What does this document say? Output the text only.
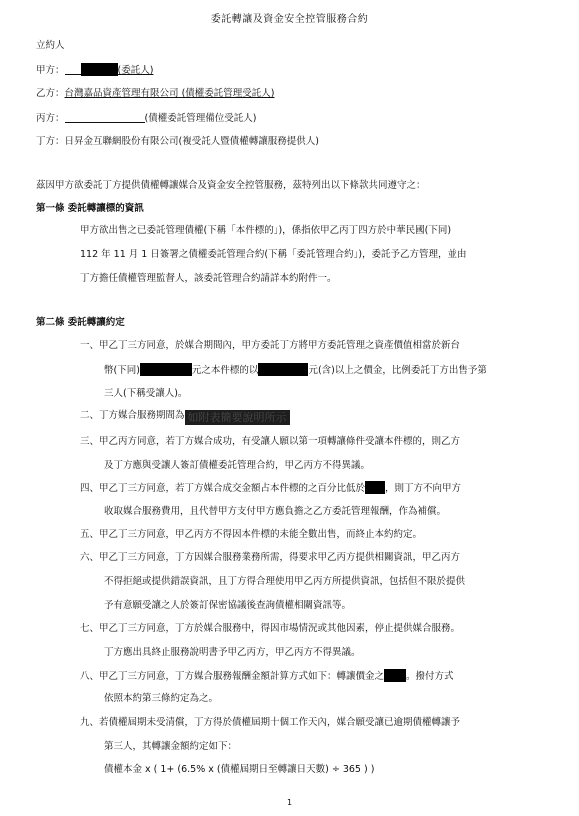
委託轉讓及資金安全控管服務合約
立約人
甲方：	(委託人)
乙方：台灣嘉品資產管理有限公司 (債權委託管理受託人)
丙方：	(債權委託管理備位受託人)
丁方：日昇金互聯網股份有限公司(複受託人暨債權轉讓服務提供人)
茲因甲方欲委託丁方提供債權轉讓媒合及資金安全控管服務，茲特列出以下條款共同遵守之：
第一條 委託轉讓標的資訊
甲方欲出售之已委託管理債權(下稱「本件標的」)，係指依甲乙丙丁四方於中華民國(下同)
112 年 11 月 1 日簽署之債權委託管理合約(下稱「委託管理合約」)，委託予乙方管理，並由
丁方擔任債權管理監督人，該委託管理合約請詳本約附件一。
第二條 委託轉讓約定
一、甲乙丁三方同意，於媒合期間內，甲方委託丁方將甲方委託管理之資產價值相當於新台
幣(下同)	元之本件標的以	元(含)以上之價金，比例委託丁方出售予第
三人(下稱受讓人)。
二、丁方媒合服務期間為 如附表簡要說明所示
三、甲乙丙方同意，若丁方媒合成功，有受讓人願以第一項轉讓條件受讓本件標的，則乙方
及丁方應與受讓人簽訂債權委託管理合約，甲乙丙方不得異議。
四、甲乙丁三方同意，若丁方媒合成交金額占本件標的之百分比低於 ，則丁方不向甲方
收取媒合服務費用，且代替甲方支付甲方應負擔之乙方委託管理報酬，作為補償。
五、甲乙丁三方同意，甲乙丙方不得因本件標的未能全數出售，而終止本約約定。
六、甲乙丁三方同意，丁方因媒合服務業務所需，得要求甲乙丙方提供相關資訊，甲乙丙方
不得拒絕或提供錯誤資訊，且丁方得合理使用甲乙丙方所提供資訊，包括但不限於提供
予有意願受讓之人於簽訂保密協議後查詢債權相關資訊等。
七、甲乙丁三方同意，丁方於媒合服務中，得因市場情況或其他因素，停止提供媒合服務。
丁方應出具終止服務說明書予甲乙丙方，甲乙丙方不得異議。
八、甲乙丁三方同意，丁方媒合服務報酬金額計算方式如下：轉讓價金之 。撥付方式
依照本約第三條約定為之。
九、若債權屆期未受清償，丁方得於債權屆期十個工作天內，媒合願受讓已逾期債權轉讓予
第三人，其轉讓金額約定如下：
債權本金 x ( 1+ (6.5% x (債權屆期日至轉讓日天數) ÷ 365 ) )
1
